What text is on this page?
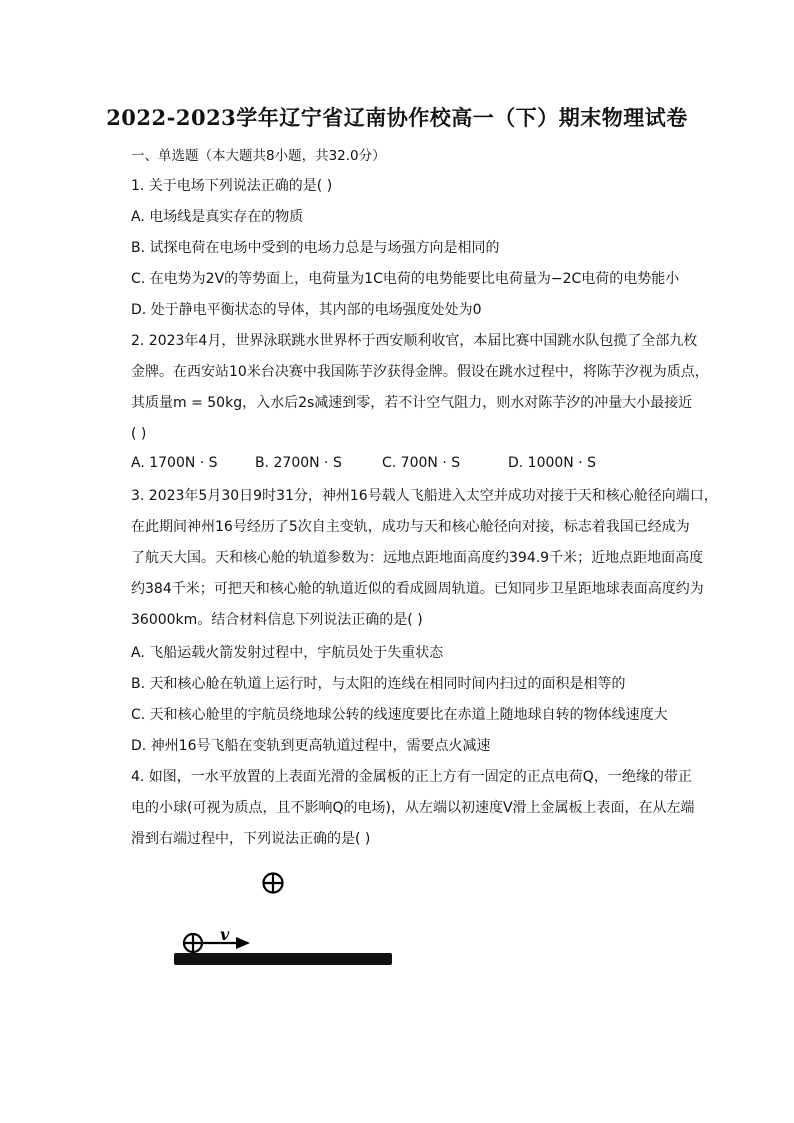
2022-2023学年辽宁省辽南协作校高一（下）期末物理试卷
一、单选题（本大题共8小题，共32.0分）
1. 关于电场下列说法正确的是( )
A. 电场线是真实存在的物质
B. 试探电荷在电场中受到的电场力总是与场强方向是相同的
C. 在电势为2V的等势面上，电荷量为1C电荷的电势能要比电荷量为−2C电荷的电势能小
D. 处于静电平衡状态的导体，其内部的电场强度处处为0
2. 2023年4月，世界泳联跳水世界杯于西安顺利收官，本届比赛中国跳水队包揽了全部九枚
金牌。在西安站10米台决赛中我国陈芋汐获得金牌。假设在跳水过程中，将陈芋汐视为质点，
其质量m = 50kg，入水后2s减速到零，若不计空气阻力，则水对陈芋汐的冲量大小最接近
( )
A. 1700N · S	B. 2700N · S	C. 700N · S	D. 1000N · S
3. 2023年5月30日9时31分，神州16号载人飞船进入太空并成功对接于天和核心舱径向端口，
在此期间神州16号经历了5次自主变轨，成功与天和核心舱径向对接，标志着我国已经成为
了航天大国。天和核心舱的轨道参数为：远地点距地面高度约394.9千米；近地点距地面高度
约384千米；可把天和核心舱的轨道近似的看成圆周轨道。已知同步卫星距地球表面高度约为
36000km。结合材料信息下列说法正确的是( )
A. 飞船运载火箭发射过程中，宇航员处于失重状态
B. 天和核心舱在轨道上运行时，与太阳的连线在相同时间内扫过的面积是相等的
C. 天和核心舱里的宇航员绕地球公转的线速度要比在赤道上随地球自转的物体线速度大
D. 神州16号飞船在变轨到更高轨道过程中，需要点火减速
4. 如图，一水平放置的上表面光滑的金属板的正上方有一固定的正点电荷Q，一绝缘的带正
电的小球(可视为质点，且不影响Q的电场)，从左端以初速度V滑上金属板上表面，在从左端
滑到右端过程中，下列说法正确的是( )
v
